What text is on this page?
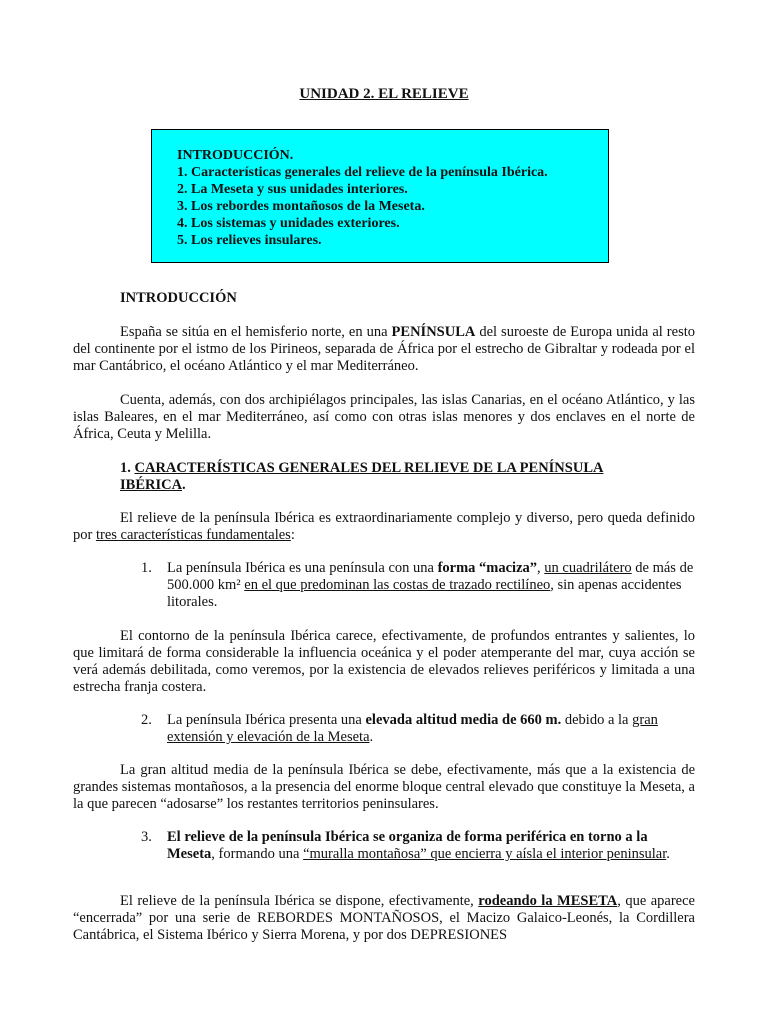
UNIDAD 2. EL RELIEVE
INTRODUCCIÓN.
1. Características generales del relieve de la península Ibérica.
2. La Meseta y sus unidades interiores.
3. Los rebordes montañosos de la Meseta.
4. Los sistemas y unidades exteriores.
5. Los relieves insulares.
INTRODUCCIÓN
España se sitúa en el hemisferio norte, en una PENÍNSULA del suroeste de Europa unida al resto del continente por el istmo de los Pirineos, separada de África por el estrecho de Gibraltar y rodeada por el mar Cantábrico, el océano Atlántico y el mar Mediterráneo.
Cuenta, además, con dos archipiélagos principales, las islas Canarias, en el océano Atlántico, y las islas Baleares, en el mar Mediterráneo, así como con otras islas menores y dos enclaves en el norte de África, Ceuta y Melilla.
1. CARACTERÍSTICAS GENERALES DEL RELIEVE DE LA PENÍNSULA IBÉRICA.
El relieve de la península Ibérica es extraordinariamente complejo y diverso, pero queda definido por tres características fundamentales:
1.	La península Ibérica es una península con una forma “maciza”, un cuadrilátero de más de 500.000 km² en el que predominan las costas de trazado rectilíneo, sin apenas accidentes litorales.
El contorno de la península Ibérica carece, efectivamente, de profundos entrantes y salientes, lo que limitará de forma considerable la influencia oceánica y el poder atemperante del mar, cuya acción se verá además debilitada, como veremos, por la existencia de elevados relieves periféricos y limitada a una estrecha franja costera.
2.	La península Ibérica presenta una elevada altitud media de 660 m. debido a la gran extensión y elevación de la Meseta.
La gran altitud media de la península Ibérica se debe, efectivamente, más que a la existencia de grandes sistemas montañosos, a la presencia del enorme bloque central elevado que constituye la Meseta, a la que parecen “adosarse” los restantes territorios peninsulares.
3.	El relieve de la península Ibérica se organiza de forma periférica en torno a la Meseta, formando una “muralla montañosa” que encierra y aísla el interior peninsular.
El relieve de la península Ibérica se dispone, efectivamente, rodeando la MESETA, que aparece “encerrada” por una serie de REBORDES MONTAÑOSOS, el Macizo Galaico-Leonés, la Cordillera Cantábrica, el Sistema Ibérico y Sierra Morena, y por dos DEPRESIONES
